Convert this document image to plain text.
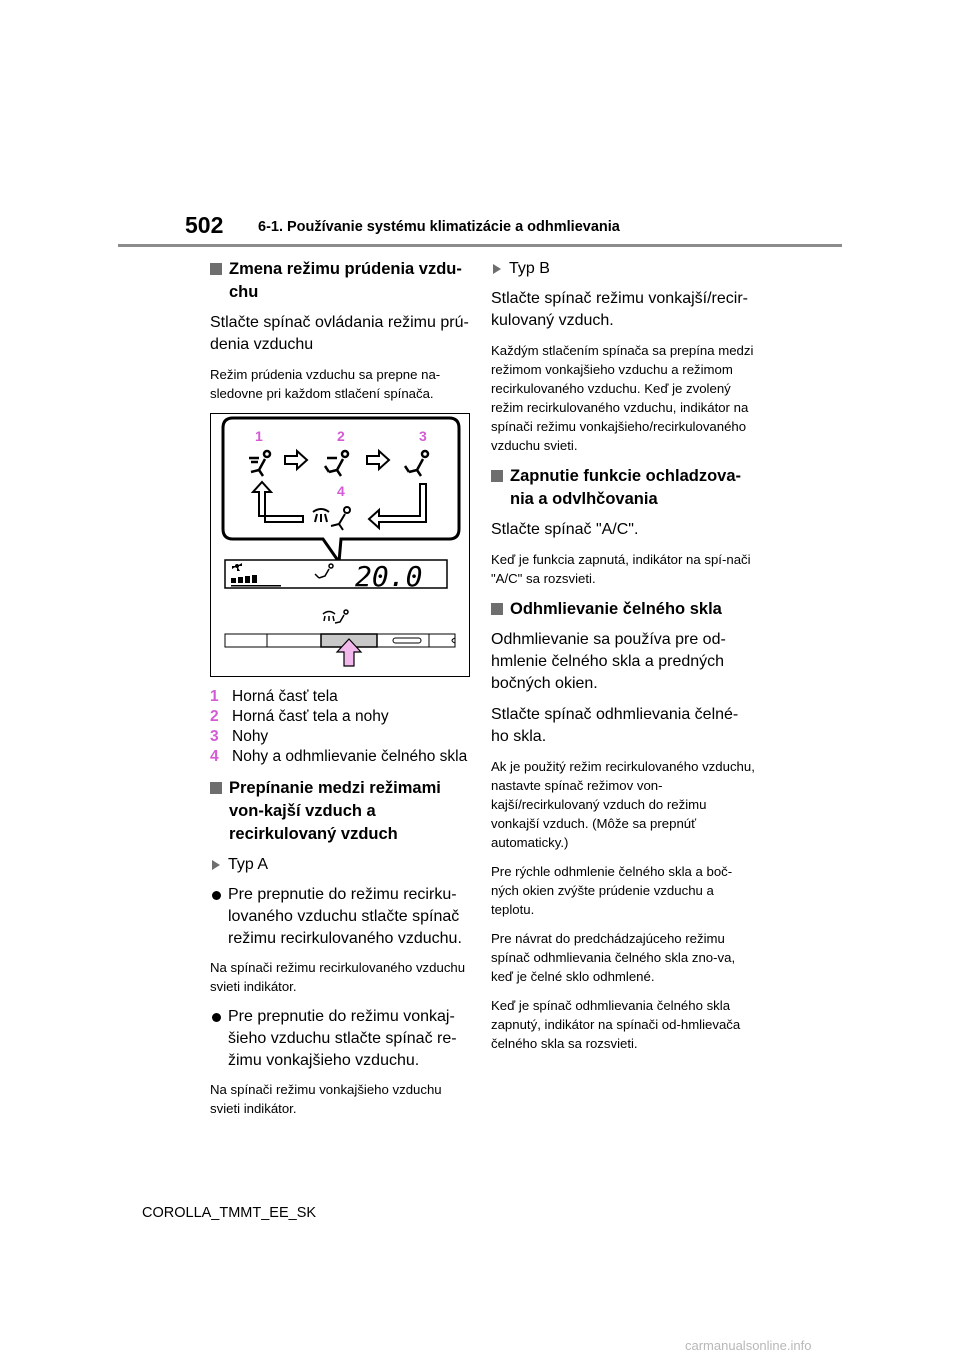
502 6-1. Používanie systému klimatizácie a odhmlievania
Zmena režimu prúdenia vzdu-chu

Stlačte spínač ovládania režimu prú-denia vzduchu

Režim prúdenia vzduchu sa prepne na-sledovne pri každom stlačení spínača.

1	2	3
4
20.0

1 Horná časť tela

2 Horná časť tela a nohy

3 Nohy

4 Nohy a odhmlievanie čelného skla

Prepínanie medzi režimami von-kajší vzduch a recirkulovaný vzduch
Typ A
Pre prepnutie do režimu recirku-lovaného vzduchu stlačte spínač režimu recirkulovaného vzduchu.

Na spínači režimu recirkulovaného vzduchu svieti indikátor.

Pre prepnutie do režimu vonkaj-šieho vzduchu stlačte spínač re-žimu vonkajšieho vzduchu.

Na spínači režimu vonkajšieho vzduchu svieti indikátor.

Typ B

Stlačte spínač režimu vonkajší/recir-kulovaný vzduch.

Každým stlačením spínača sa prepína medzi režimom vonkajšieho vzduchu a režimom recirkulovaného vzduchu. Keď je zvolený režim recirkulovaného vzduchu, indikátor na spínači režimu vonkajšieho/recirkulovaného vzduchu svieti.

Zapnutie funkcie ochladzova-nia a odvlhčovania

Stlačte spínač "A/C".

Keď je funkcia zapnutá, indikátor na spí-nači "A/C" sa rozsvieti.

Odhmlievanie čelného skla

Odhmlievanie sa používa pre od-hmlenie čelného skla a predných bočných okien.

Stlačte spínač odhmlievania čelné-ho skla.

Ak je použitý režim recirkulovaného vzduchu, nastavte spínač režimov von-kajší/recirkulovaný vzduch do režimu vonkajší vzduch. (Môže sa prepnúť automaticky.)

Pre rýchle odhmlenie čelného skla a boč-ných okien zvýšte prúdenie vzduchu a teplotu.

Pre návrat do predchádzajúceho režimu spínač odhmlievania čelného skla zno-va, keď je čelné sklo odhmlené.

Keď je spínač odhmlievania čelného skla zapnutý, indikátor na spínači od-hmlievača čelného skla sa rozsvieti.

COROLLA_TMMT_EE_SK
carmanualsonline.info
